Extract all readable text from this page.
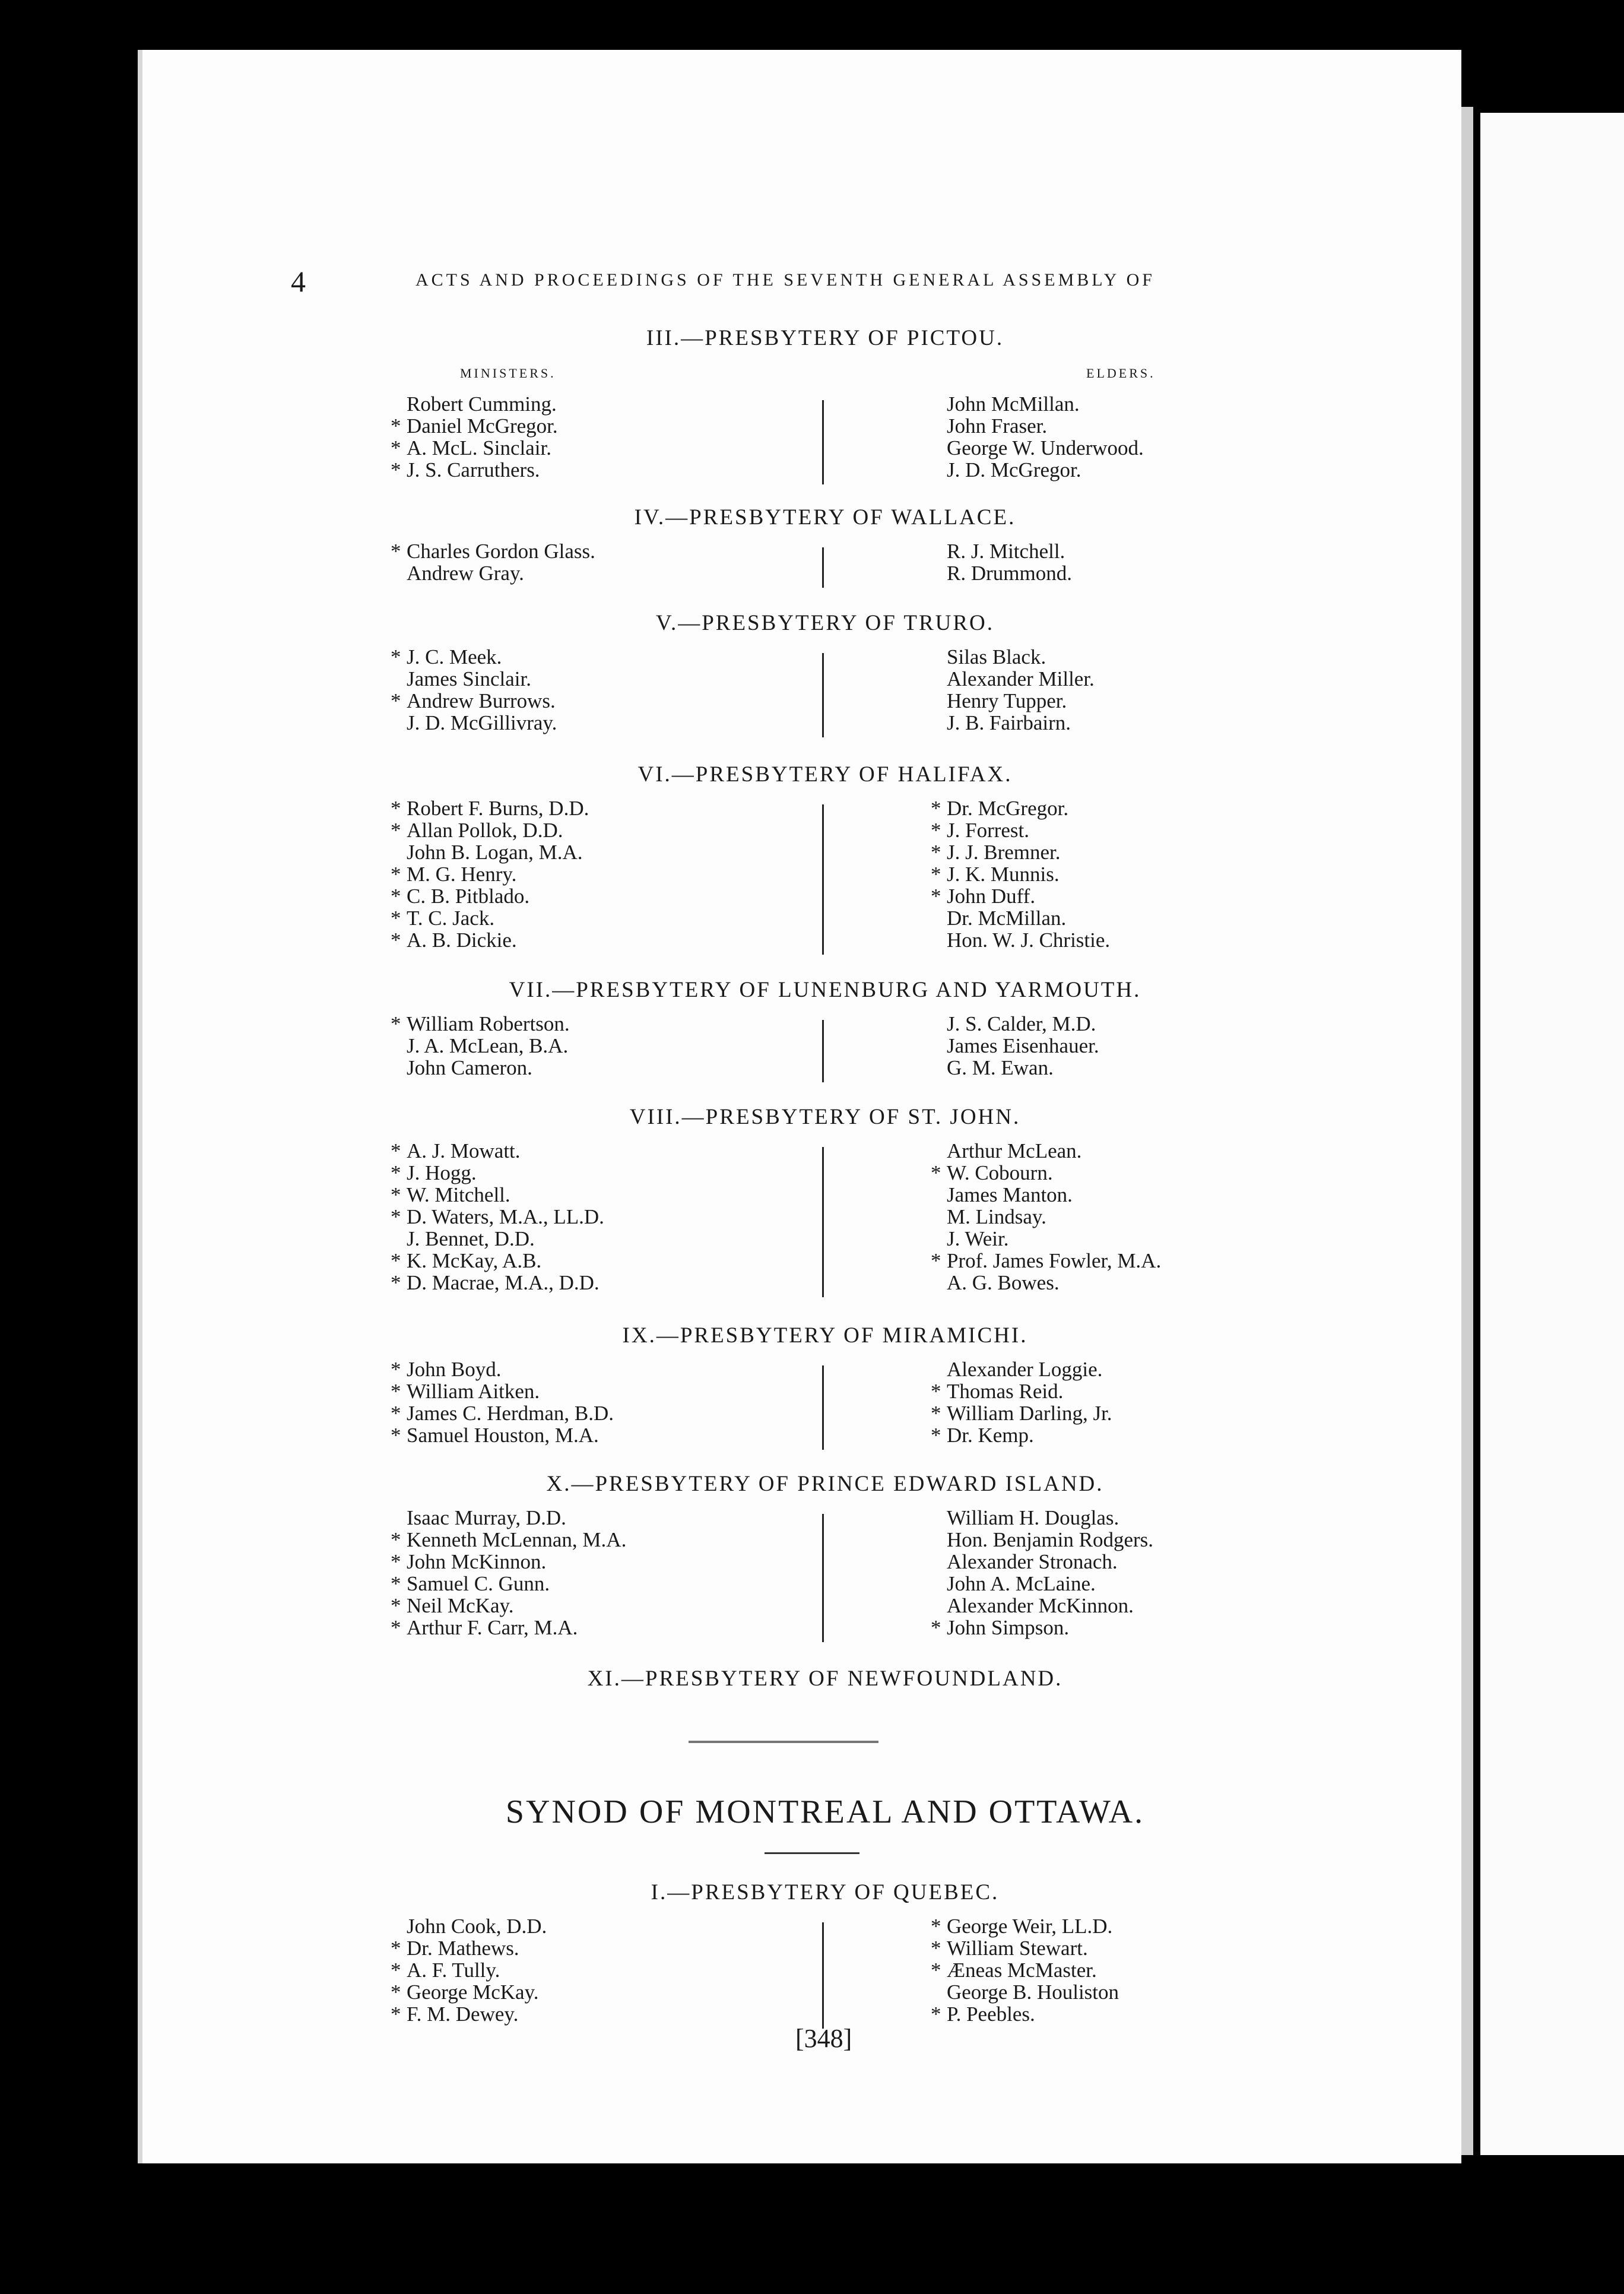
4	ACTS AND PROCEEDINGS OF THE SEVENTH GENERAL ASSEMBLY OF
III.—PRESBYTERY OF PICTOU.
MINISTERS.	ELDERS.
Robert Cumming.
* Daniel McGregor.
* A. McL. Sinclair.
* J. S. Carruthers.
John McMillan.
John Fraser.
George W. Underwood.
J. D. McGregor.
IV.—PRESBYTERY OF WALLACE.
* Charles Gordon Glass.
Andrew Gray.
R. J. Mitchell.
R. Drummond.
V.—PRESBYTERY OF TRURO.
* J. C. Meek.
James Sinclair.
* Andrew Burrows.
J. D. McGillivray.
Silas Black.
Alexander Miller.
Henry Tupper.
J. B. Fairbairn.
VI.—PRESBYTERY OF HALIFAX.
* Robert F. Burns, D.D.
* Allan Pollok, D.D.
John B. Logan, M.A.
* M. G. Henry.
* C. B. Pitblado.
* T. C. Jack.
* A. B. Dickie.
* Dr. McGregor.
* J. Forrest.
* J. J. Bremner.
* J. K. Munnis.
* John Duff.
Dr. McMillan.
Hon. W. J. Christie.
VII.—PRESBYTERY OF LUNENBURG AND YARMOUTH.
* William Robertson.
J. A. McLean, B.A.
John Cameron.
J. S. Calder, M.D.
James Eisenhauer.
G. M. Ewan.
VIII.—PRESBYTERY OF ST. JOHN.
* A. J. Mowatt.
* J. Hogg.
* W. Mitchell.
* D. Waters, M.A., LL.D.
J. Bennet, D.D.
* K. McKay, A.B.
* D. Macrae, M.A., D.D.
Arthur McLean.
* W. Cobourn.
James Manton.
M. Lindsay.
J. Weir.
* Prof. James Fowler, M.A.
A. G. Bowes.
IX.—PRESBYTERY OF MIRAMICHI.
* John Boyd.
* William Aitken.
* James C. Herdman, B.D.
* Samuel Houston, M.A.
Alexander Loggie.
* Thomas Reid.
* William Darling, Jr.
* Dr. Kemp.
X.—PRESBYTERY OF PRINCE EDWARD ISLAND.
Isaac Murray, D.D.
* Kenneth McLennan, M.A.
* John McKinnon.
* Samuel C. Gunn.
* Neil McKay.
* Arthur F. Carr, M.A.
William H. Douglas.
Hon. Benjamin Rodgers.
Alexander Stronach.
John A. McLaine.
Alexander McKinnon.
* John Simpson.
XI.—PRESBYTERY OF NEWFOUNDLAND.
SYNOD OF MONTREAL AND OTTAWA.
I.—PRESBYTERY OF QUEBEC.
John Cook, D.D.
* Dr. Mathews.
* A. F. Tully.
* George McKay.
* F. M. Dewey.
* George Weir, LL.D.
* William Stewart.
* Æneas McMaster.
George B. Houliston
* P. Peebles.
[348]
